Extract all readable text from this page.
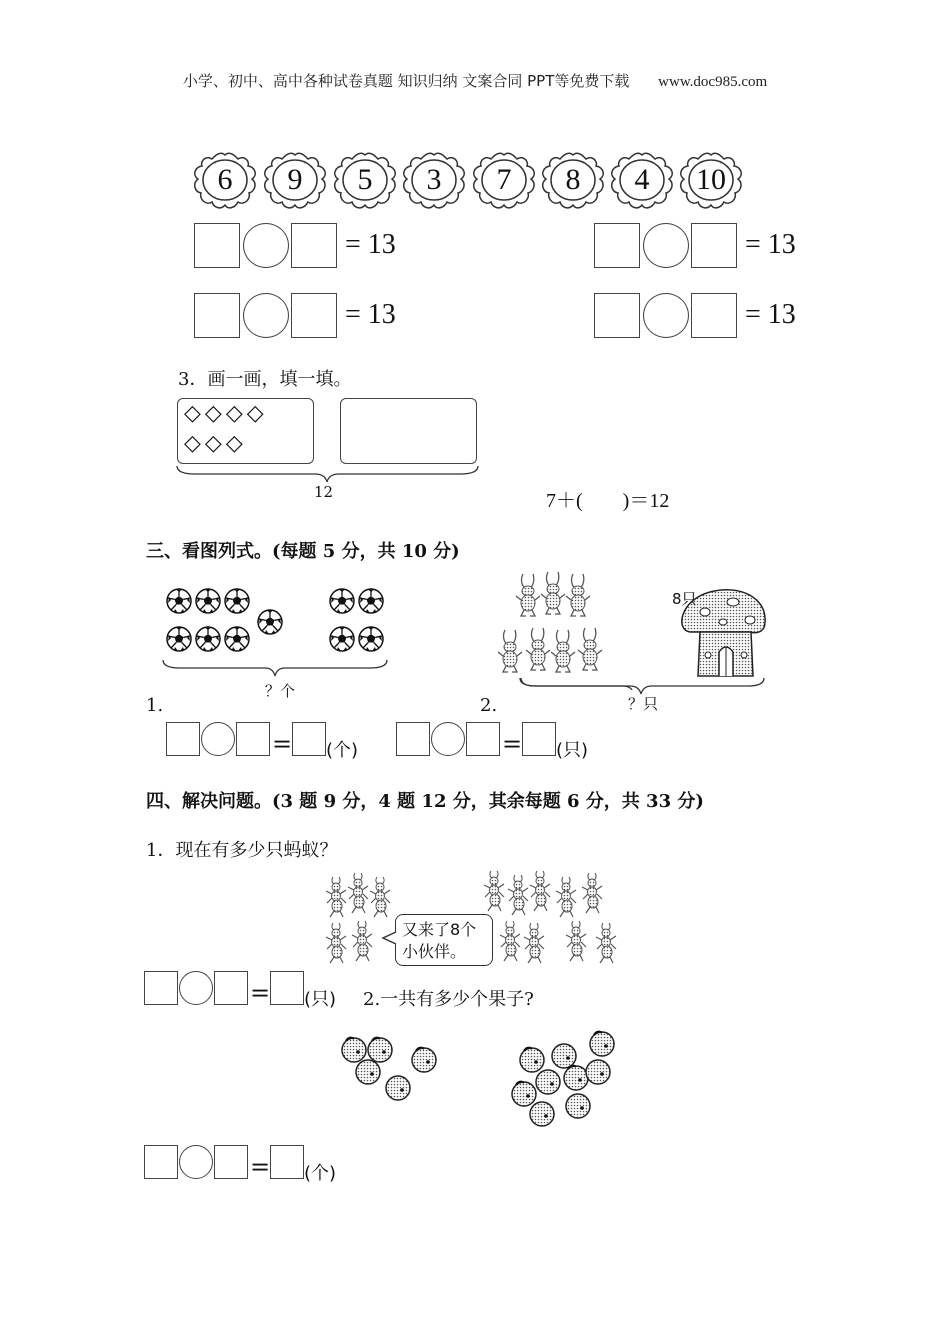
小学、初中、高中各种试卷真题 知识归纳 文案合同 PPT等免费下载 www.doc985.com
6	9	5	3	7	8	4	10
= 13	= 13
= 13	= 13
3．画一画，填一填。
◇◇◇◇
◇◇◇
12	7＋(　　)＝12
三、看图列式。(每题 5 分，共 10 分)
？个
1.
8只
？只
2.
= (个)	= (只)
四、解决问题。(3 题 9 分，4 题 12 分，其余每题 6 分，共 33 分)
1．现在有多少只蚂蚁？
又来了8个
小伙伴。
= (只) 2.一共有多少个果子?
= (个)
